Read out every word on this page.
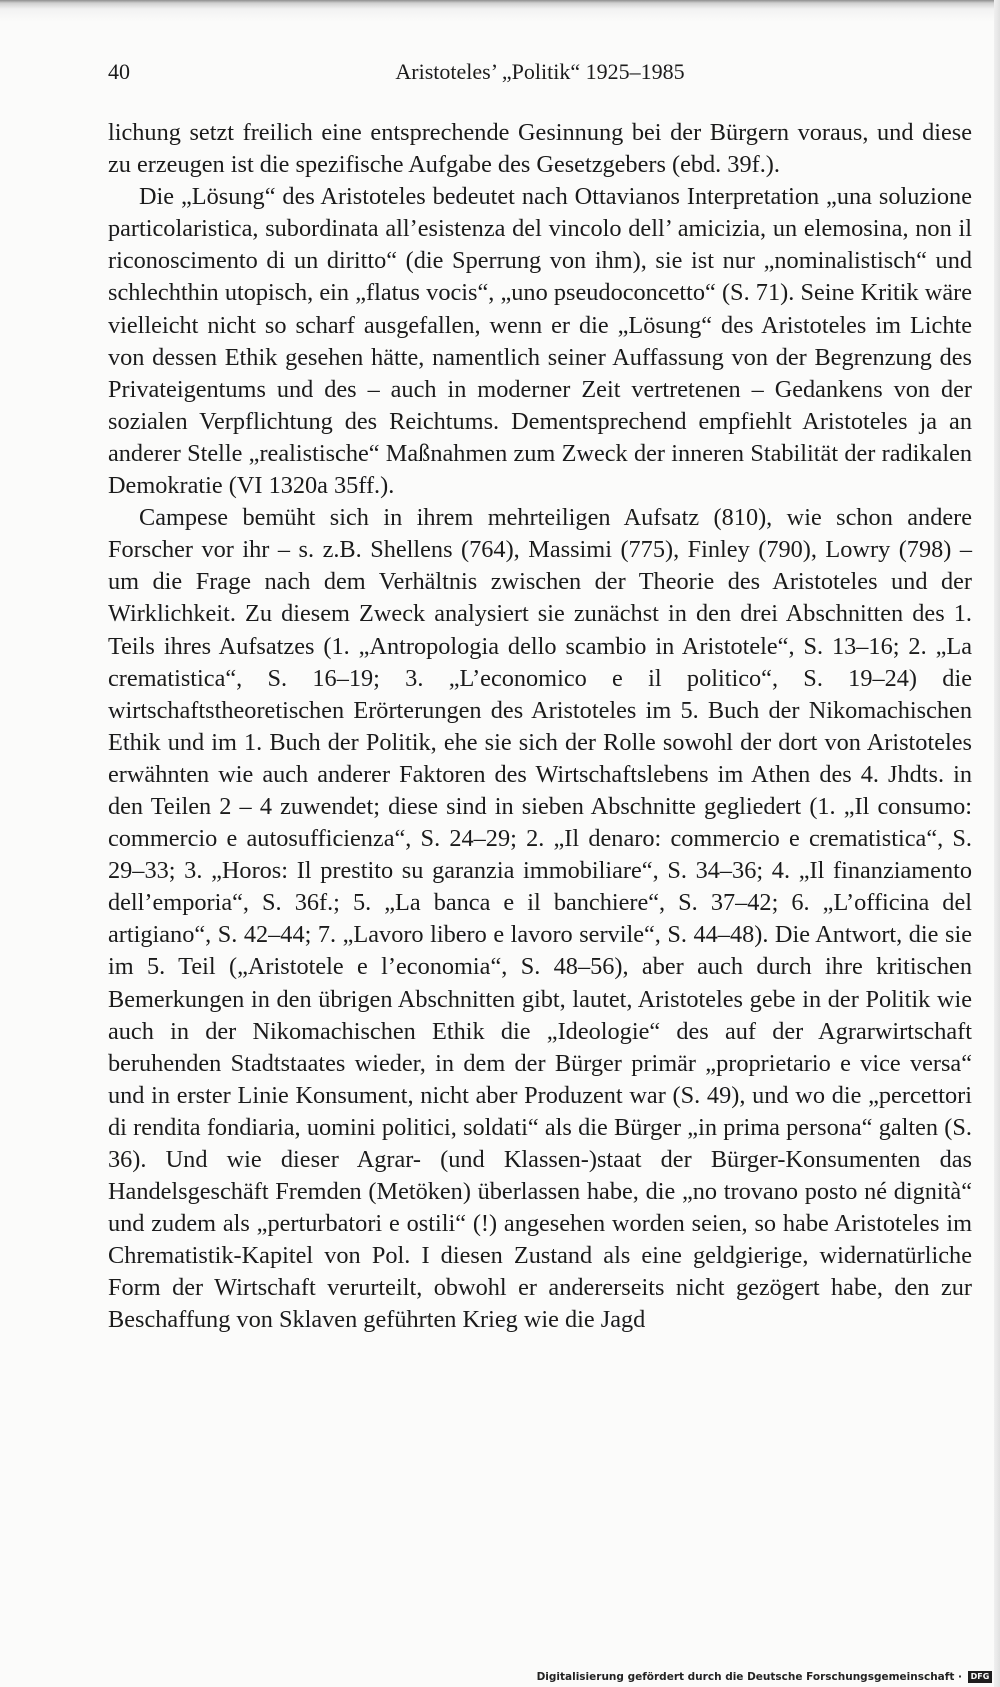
40	Aristoteles’ „Politik“ 1925–1985

lichung setzt freilich eine entsprechende Gesinnung bei der Bürgern voraus, und diese zu erzeugen ist die spezifische Aufgabe des Gesetzgebers (ebd. 39f.).

Die „Lösung“ des Aristoteles bedeutet nach Ottavianos Interpretation „una soluzione particolaristica, subordinata all’esistenza del vincolo dell’ amicizia, un elemosina, non il riconoscimento di un diritto“ (die Sperrung von ihm), sie ist nur „nominalistisch“ und schlechthin utopisch, ein „flatus vocis“, „uno pseudoconcetto“ (S. 71). Seine Kritik wäre vielleicht nicht so scharf ausgefallen, wenn er die „Lösung“ des Aristoteles im Lichte von dessen Ethik gesehen hätte, namentlich seiner Auffassung von der Begrenzung des Privateigentums und des – auch in moderner Zeit vertretenen – Gedankens von der sozialen Verpflichtung des Reichtums. Dementsprechend empfiehlt Aristoteles ja an anderer Stelle „realistische“ Maßnahmen zum Zweck der inneren Stabilität der radikalen Demokratie (VI 1320a 35ff.).

Campese bemüht sich in ihrem mehrteiligen Aufsatz (810), wie schon andere Forscher vor ihr – s. z.B. Shellens (764), Massimi (775), Finley (790), Lowry (798) – um die Frage nach dem Verhältnis zwischen der Theorie des Aristoteles und der Wirklichkeit. Zu diesem Zweck analysiert sie zunächst in den drei Abschnitten des 1. Teils ihres Aufsatzes (1. „Antropologia dello scambio in Aristotele“, S. 13–16; 2. „La crematistica“, S. 16–19; 3. „L’economico e il politico“, S. 19–24) die wirtschaftstheoretischen Erörterungen des Aristoteles im 5. Buch der Nikomachischen Ethik und im 1. Buch der Politik, ehe sie sich der Rolle sowohl der dort von Aristoteles erwähnten wie auch anderer Faktoren des Wirtschaftslebens im Athen des 4. Jhdts. in den Teilen 2 – 4 zuwendet; diese sind in sieben Abschnitte gegliedert (1. „Il consumo: commercio e autosufficienza“, S. 24–29; 2. „Il denaro: commercio e crematistica“, S. 29–33; 3. „Horos: Il prestito su garanzia immobiliare“, S. 34–36; 4. „Il finanziamento dell’emporia“, S. 36f.; 5. „La banca e il banchiere“, S. 37–42; 6. „L’officina del artigiano“, S. 42–44; 7. „Lavoro libero e lavoro servile“, S. 44–48). Die Antwort, die sie im 5. Teil („Aristotele e l’economia“, S. 48–56), aber auch durch ihre kritischen Bemerkungen in den übrigen Abschnitten gibt, lautet, Aristoteles gebe in der Politik wie auch in der Nikomachischen Ethik die „Ideologie“ des auf der Agrarwirtschaft beruhenden Stadtstaates wieder, in dem der Bürger primär „proprietario e vice versa“ und in erster Linie Konsument, nicht aber Produzent war (S. 49), und wo die „percettori di rendita fondiaria, uomini politici, soldati“ als die Bürger „in prima persona“ galten (S. 36). Und wie dieser Agrar- (und Klassen-)staat der Bürger-Konsumenten das Handelsgeschäft Fremden (Metöken) überlassen habe, die „no trovano posto né dignità“ und zudem als „perturbatori e ostili“ (!) angesehen worden seien, so habe Aristoteles im Chrematistik-Kapitel von Pol. I diesen Zustand als eine geldgierige, widernatürliche Form der Wirtschaft verurteilt, obwohl er andererseits nicht gezögert habe, den zur Beschaffung von Sklaven geführten Krieg wie die Jagd

Digitalisierung gefördert durch die Deutsche Forschungsgemeinschaft ·	DFG
